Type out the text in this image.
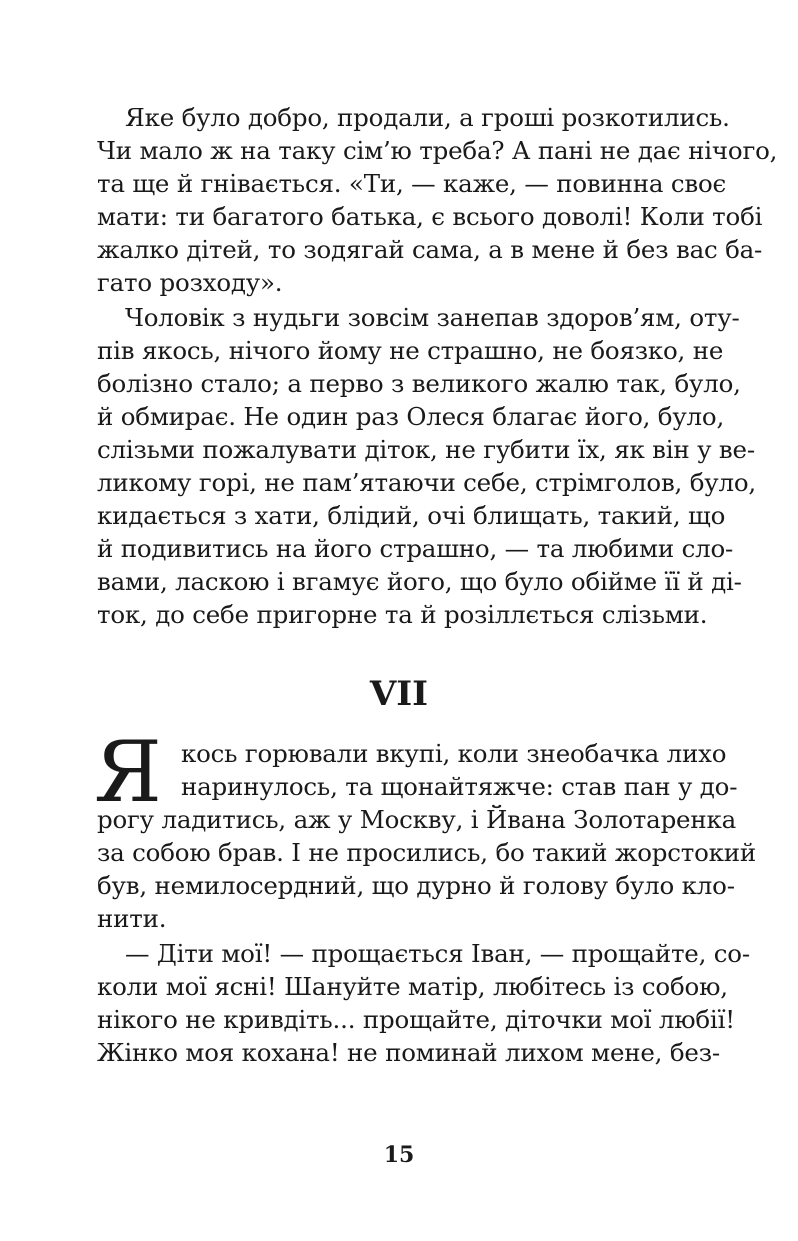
Яке було добро, продали, а гроші розкотились.
Чи мало ж на таку сім’ю треба? А пані не дає нічого,
та ще й гнівається. «Ти, — каже, — повинна своє
мати: ти багатого батька, є всього доволі! Коли тобі
жалко дітей, то зодягай сама, а в мене й без вас ба-
гато розходу».
Чоловік з нудьги зовсім занепав здоров’ям, оту-
пів якось, нічого йому не страшно, не боязко, не
болізно стало; а перво з великого жалю так, було,
й обмирає. Не один раз Олеся благає його, було,
слізьми пожалувати діток, не губити їх, як він у ве-
ликому горі, не пам’ятаючи себе, стрімголов, було,
кидається з хати, блідий, очі блищать, такий, що
й подивитись на його страшно, — та любими сло-
вами, ласкою і вгамує його, що було обійме її й ді-
ток, до себе пригорне та й розіллється слізьми.
VII
Я кось горювали вкупі, коли знеобачка лихо
наринулось, та щонайтяжче: став пан у до-
рогу ладитись, аж у Москву, і Йвана Золотаренка
за собою брав. І не просились, бо такий жорстокий
був, немилосердний, що дурно й голову було кло-
нити.
— Діти мої! — прощається Іван, — прощайте, со-
коли мої ясні! Шануйте матір, любітесь із собою,
нікого не кривдіть... прощайте, діточки мої любії!
Жінко моя кохана! не поминай лихом мене, без-
15
